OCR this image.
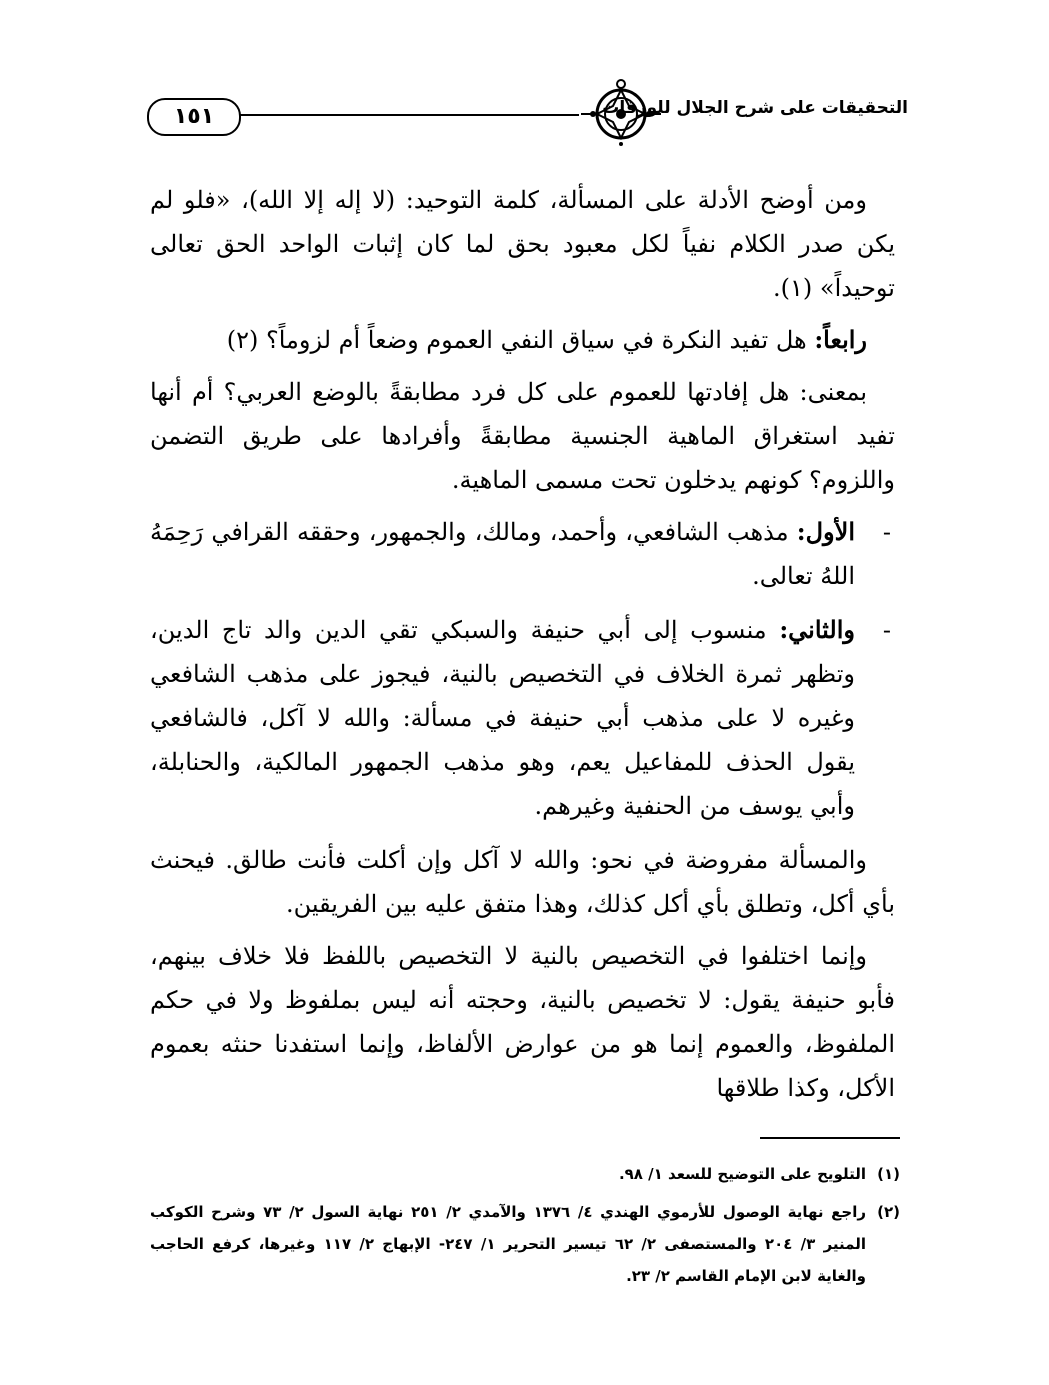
١٥١	التحقيقات على شرح الجلال للورقات

ومن أوضح الأدلة على المسألة، كلمة التوحيد: (لا إله إلا الله)، «فلو لم يكن صدر الكلام نفياً لكل معبود بحق لما كان إثبات الواحد الحق تعالى توحيداً» (١).

رابعاً: هل تفيد النكرة في سياق النفي العموم وضعاً أم لزوماً؟ (٢)

بمعنى: هل إفادتها للعموم على كل فرد مطابقةً بالوضع العربي؟ أم أنها تفيد استغراق الماهية الجنسية مطابقةً وأفرادها على طريق التضمن واللزوم؟ كونهم يدخلون تحت مسمى الماهية.

-
الأول: مذهب الشافعي، وأحمد، ومالك، والجمهور، وحققه القرافي رَحِمَهُ اللهُ تعالى.
-
والثاني: منسوب إلى أبي حنيفة والسبكي تقي الدين والد تاج الدين، وتظهر ثمرة الخلاف في التخصيص بالنية، فيجوز على مذهب الشافعي وغيره لا على مذهب أبي حنيفة في مسألة: والله لا آكل، فالشافعي يقول الحذف للمفاعيل يعم، وهو مذهب الجمهور المالكية، والحنابلة، وأبي يوسف من الحنفية وغيرهم.

والمسألة مفروضة في نحو: والله لا آكل وإن أكلت فأنت طالق. فيحنث بأي أكل، وتطلق بأي أكل كذلك، وهذا متفق عليه بين الفريقين.

وإنما اختلفوا في التخصيص بالنية لا التخصيص باللفظ فلا خلاف بينهم، فأبو حنيفة يقول: لا تخصيص بالنية، وحجته أنه ليس بملفوظ ولا في حكم الملفوظ، والعموم إنما هو من عوارض الألفاظ، وإنما استفدنا حنثه بعموم الأكل، وكذا طلاقها

(١)
التلويح على التوضيح للسعد ١/ ٩٨.
(٢)
راجع نهاية الوصول للأرموي الهندي ٤/ ١٣٧٦ والآمدي ٢/ ٢٥١ نهاية السول ٢/ ٧٣ وشرح الكوكب المنير ٣/ ٢٠٤ والمستصفى ٢/ ٦٢ تيسير التحرير ١/ ٢٤٧- الإبهاج ٢/ ١١٧ وغيرها، كرفع الحاجب والغاية لابن الإمام القاسم ٢/ ٢٣.
